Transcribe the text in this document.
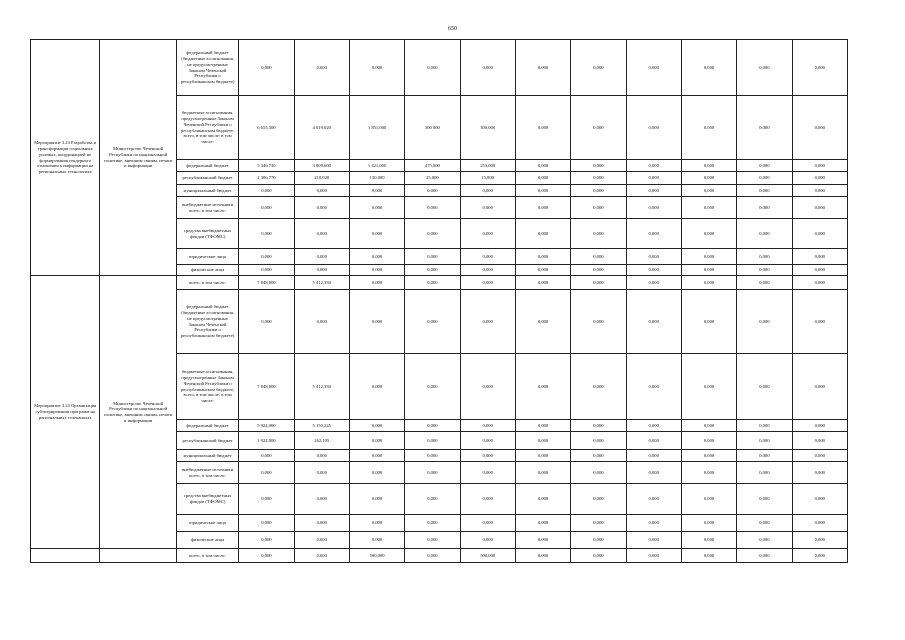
650
Мероприятие 3.23 Разработка и трансформация социальных ролевых, координацией не формирования гендерного отношения к информации на региональных технологиях	Министерство Чеченской Республики по национальной политике, внешним связям, печати и информации	федеральный бюджет (бюджетные ассигнования, не предусмотренные Законом Чеченской Республики о республиканском бюджете)	0,000	0,000	0,000	0,000	0,000	0,000	0,000	0,000	0,000	0,000	0,000
		бюджетные ассигнования, предусмотренные Законом Чеченской Республики о республиканском бюджете, всего, в том числе: в том числе:	6 655,500	4 019,020	1 851,000	300 000	300,000	0,000	0,000	0,000	0,000	0,000	0,000
		федеральный бюджет	5 346,730	3 809,600	1 421,000	475,000	253,000	0,000	0,000	0,000	0,000	0,000	0,000
		республиканский бюджет	2 306,770	210,020	130,000	25,000	15,800	0,000	0,000	0,000	0,000	0,000	0,000
		муниципальный бюджет	0,000	0,000	0,000	0,000	0,000	0,000	0,000	0,000	0,000	0,000	0,000
		внебюджетные источники всего, в том числе:	0,000	0,000	0,000	0,000	0,000	0,000	0,000	0,000	0,000	0,000	0,000
		средства внебюджетных фондов (ТФОМС)	0,000	0,000	0,000	0,000	0,000	0,000	0,000	0,000	0,000	0,000	0,000
		юридические лица	0,000	0,000	0,000	0,000	0,000	0,000	0,000	0,000	0,000	0,000	0,000
		физические лица	0,000	0,000	0,000	0,000	0,000	0,000	0,000	0,000	0,000	0,000	0,000
Мероприятие 3.24 Организация субтитрирования программ на региональных телеканалах	Министерство Чеченской Республики по национальной политике, внешним связям, печати и информации	всего, в том числе:	7 848,000	5 412,350	0,000	0,000	0,000	0,000	0,000	0,000	0,000	0,000	0,000
		федеральный бюджет (бюджетные ассигнования, не предусмотренные Законом Чеченской Республики о республиканском бюджете)	0,000	0,000	0,000	0,000	0,000	0,000	0,000	0,000	0,000	0,000	0,000
		бюджетные ассигнования, предусмотренные Законом Чеченской Республики о республиканском бюджете, всего, в том числе: в том числе:	7 848,000	5 412,350	0,000	0,000	0,000	0,000	0,000	0,000	0,000	0,000	0,000
		федеральный бюджет	5 924,000	5 150,245	0,000	0,000	0,000	0,000	0,000	0,000	0,000	0,000	0,000
		республиканский бюджет	1 924,000	262,105	0,000	0,000	0,000	0,000	0,000	0,000	0,000	0,000	0,000
		муниципальный бюджет	0,000	0,000	0,000	0,000	0,000	0,000	0,000	0,000	0,000	0,000	0,000
		внебюджетные источники всего, в том числе:	0,000	0,000	0,000	0,000	0,000	0,000	0,000	0,000	0,000	0,000	0,000
		средства внебюджетных фондов (ТФОМС)	0,000	0,000	0,000	0,000	0,000	0,000	0,000	0,000	0,000	0,000	0,000
		юридические лица	0,000	0,000	0,000	0,000	0,000	0,000	0,000	0,000	0,000	0,000	0,000
		физические лица	0,000	0,000	0,000	0,000	0,000	0,000	0,000	0,000	0,000	0,000	0,000
		всего, в том числе:	0,000	0,000	500,000	0,000	500,000	0,000	0,000	0,000	0,000	0,000	0,000
